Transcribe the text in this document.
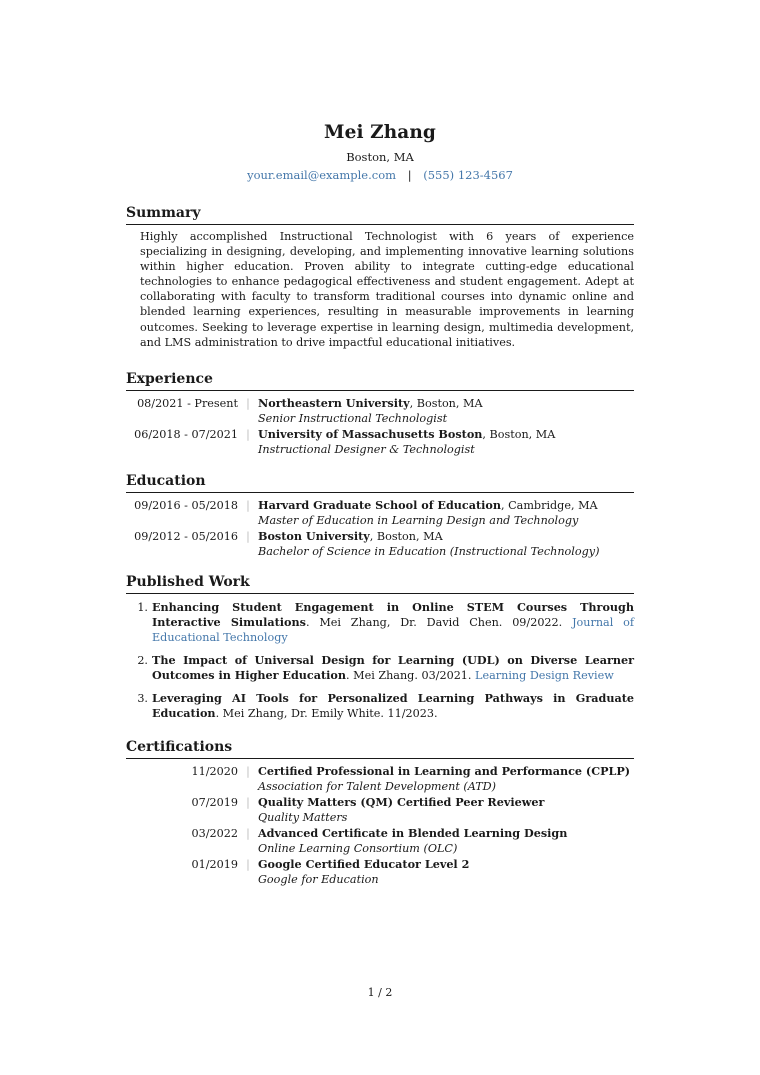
Mei Zhang
Boston, MA
your.email@example.com | (555) 123-4567
Summary

Highly accomplished Instructional Technologist with 6 years of experience specializing in designing, developing, and implementing innovative learning solutions within higher education. Proven ability to integrate cutting-edge educational technologies to enhance pedagogical effectiveness and student engagement. Adept at collaborating with faculty to transform traditional courses into dynamic online and blended learning experiences, resulting in measurable improvements in learning outcomes. Seeking to leverage expertise in learning design, multimedia development, and LMS administration to drive impactful educational initiatives.

Experience
08/2021 - Present | Northeastern University, Boston, MA
Senior Instructional Technologist
06/2018 - 07/2021 | University of Massachusetts Boston, Boston, MA
Instructional Designer & Technologist
Education
09/2016 - 05/2018 | Harvard Graduate School of Education, Cambridge, MA
Master of Education in Learning Design and Technology
09/2012 - 05/2016 | Boston University, Boston, MA
Bachelor of Science in Education (Instructional Technology)
Published Work
1. Enhancing Student Engagement in Online STEM Courses Through Interactive Simulations. Mei Zhang, Dr. David Chen. 09/2022. Journal of Educational Technology
2. The Impact of Universal Design for Learning (UDL) on Diverse Learner Outcomes in Higher Education. Mei Zhang. 03/2021. Learning Design Review
3. Leveraging AI Tools for Personalized Learning Pathways in Graduate Education. Mei Zhang, Dr. Emily White. 11/2023.
Certifications
11/2020 | Certified Professional in Learning and Performance (CPLP)
Association for Talent Development (ATD)
07/2019 | Quality Matters (QM) Certified Peer Reviewer
Quality Matters
03/2022 | Advanced Certificate in Blended Learning Design
Online Learning Consortium (OLC)
01/2019 | Google Certified Educator Level 2
Google for Education
1 / 2
